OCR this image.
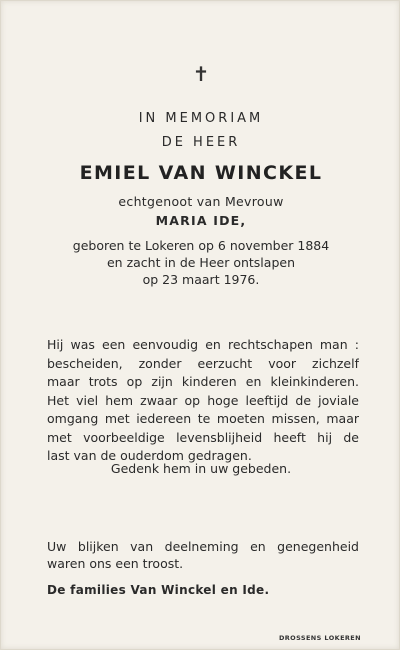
✝
IN MEMORIAM
DE HEER
EMIEL VAN WINCKEL
echtgenoot van Mevrouw
MARIA IDE,
geboren te Lokeren op 6 november 1884
en zacht in de Heer ontslapen
op 23 maart 1976.
Hij was een eenvoudig en rechtschapen man :
bescheiden, zonder eerzucht voor zichzelf
maar trots op zijn kinderen en kleinkinderen.
Het viel hem zwaar op hoge leeftijd de joviale
omgang met iedereen te moeten missen, maar
met voorbeeldige levensblijheid heeft hij de
last van de ouderdom gedragen.
Gedenk hem in uw gebeden.
Uw blijken van deelneming en genegenheid
waren ons een troost.
De families Van Winckel en Ide.
DROSSENS LOKEREN
